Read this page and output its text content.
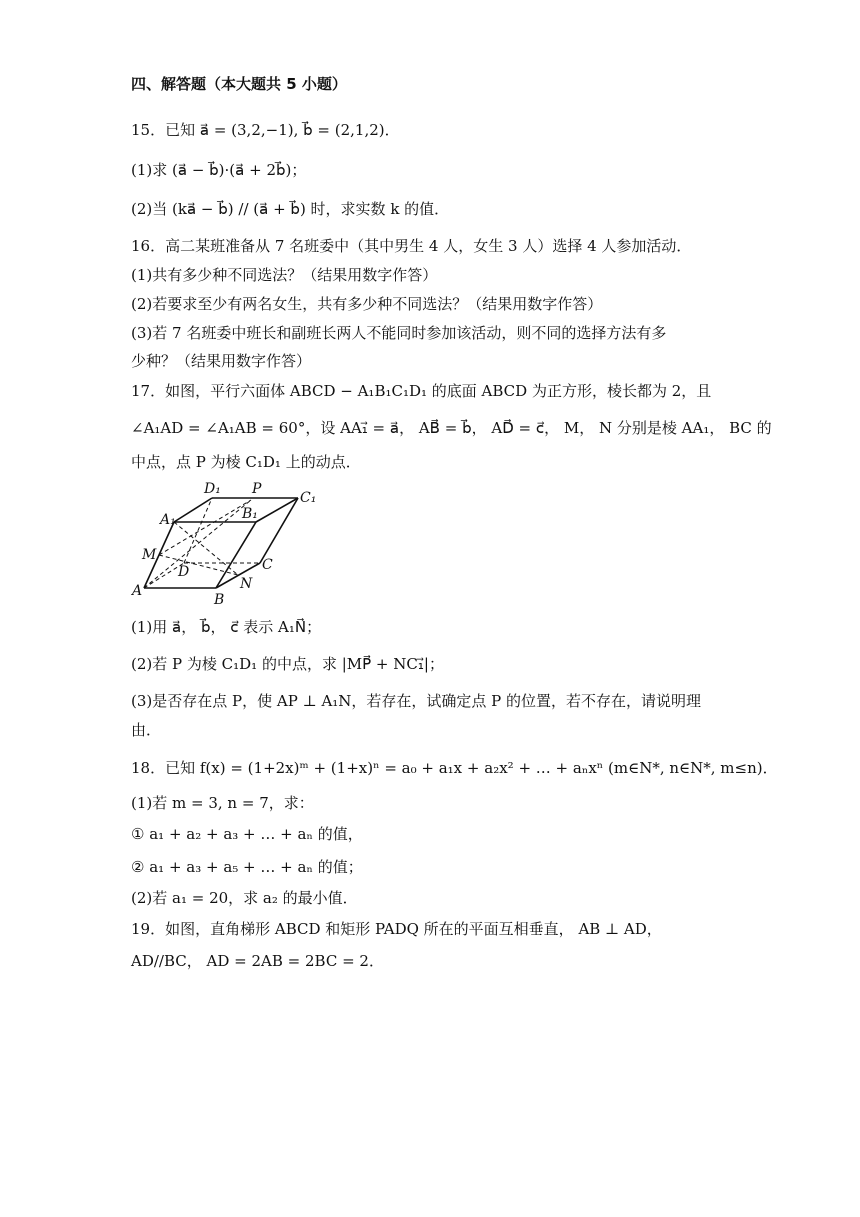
四、解答题（本大题共 5 小题）
15．已知 a⃗ = (3,2,−1), b⃗ = (2,1,2)．
(1)求 (a⃗ − b⃗)·(a⃗ + 2b⃗)；
(2)当 (ka⃗ − b⃗) // (a⃗ + b⃗) 时，求实数 k 的值．
16．高二某班准备从 7 名班委中（其中男生 4 人，女生 3 人）选择 4 人参加活动．
(1)共有多少种不同选法？（结果用数字作答）
(2)若要求至少有两名女生，共有多少种不同选法？（结果用数字作答）
(3)若 7 名班委中班长和副班长两人不能同时参加该活动，则不同的选择方法有多
少种？（结果用数字作答）
17．如图，平行六面体 ABCD − A₁B₁C₁D₁ 的底面 ABCD 为正方形，棱长都为 2，且
∠A₁AD = ∠A₁AB = 60°，设 AA₁⃗ = a⃗， AB⃗ = b⃗， AD⃗ = c⃗， M， N 分别是棱 AA₁， BC 的
中点，点 P 为棱 C₁D₁ 上的动点．
D₁ P
C₁
A₁	B₁
M
D	C
A	N
B
(1)用 a⃗， b⃗， c⃗ 表示 A₁N⃗；
(2)若 P 为棱 C₁D₁ 的中点，求 |MP⃗ + NC₁⃗|；
(3)是否存在点 P，使 AP ⊥ A₁N，若存在，试确定点 P 的位置，若不存在，请说明理
由．
18．已知 f(x) = (1+2x)ᵐ + (1+x)ⁿ = a₀ + a₁x + a₂x² + … + aₙxⁿ (m∈N*, n∈N*, m≤n)．
(1)若 m = 3, n = 7，求：
① a₁ + a₂ + a₃ + … + aₙ 的值，
② a₁ + a₃ + a₅ + … + aₙ 的值；
(2)若 a₁ = 20，求 a₂ 的最小值．
19．如图，直角梯形 ABCD 和矩形 PADQ 所在的平面互相垂直， AB ⊥ AD，
AD//BC， AD = 2AB = 2BC = 2．
